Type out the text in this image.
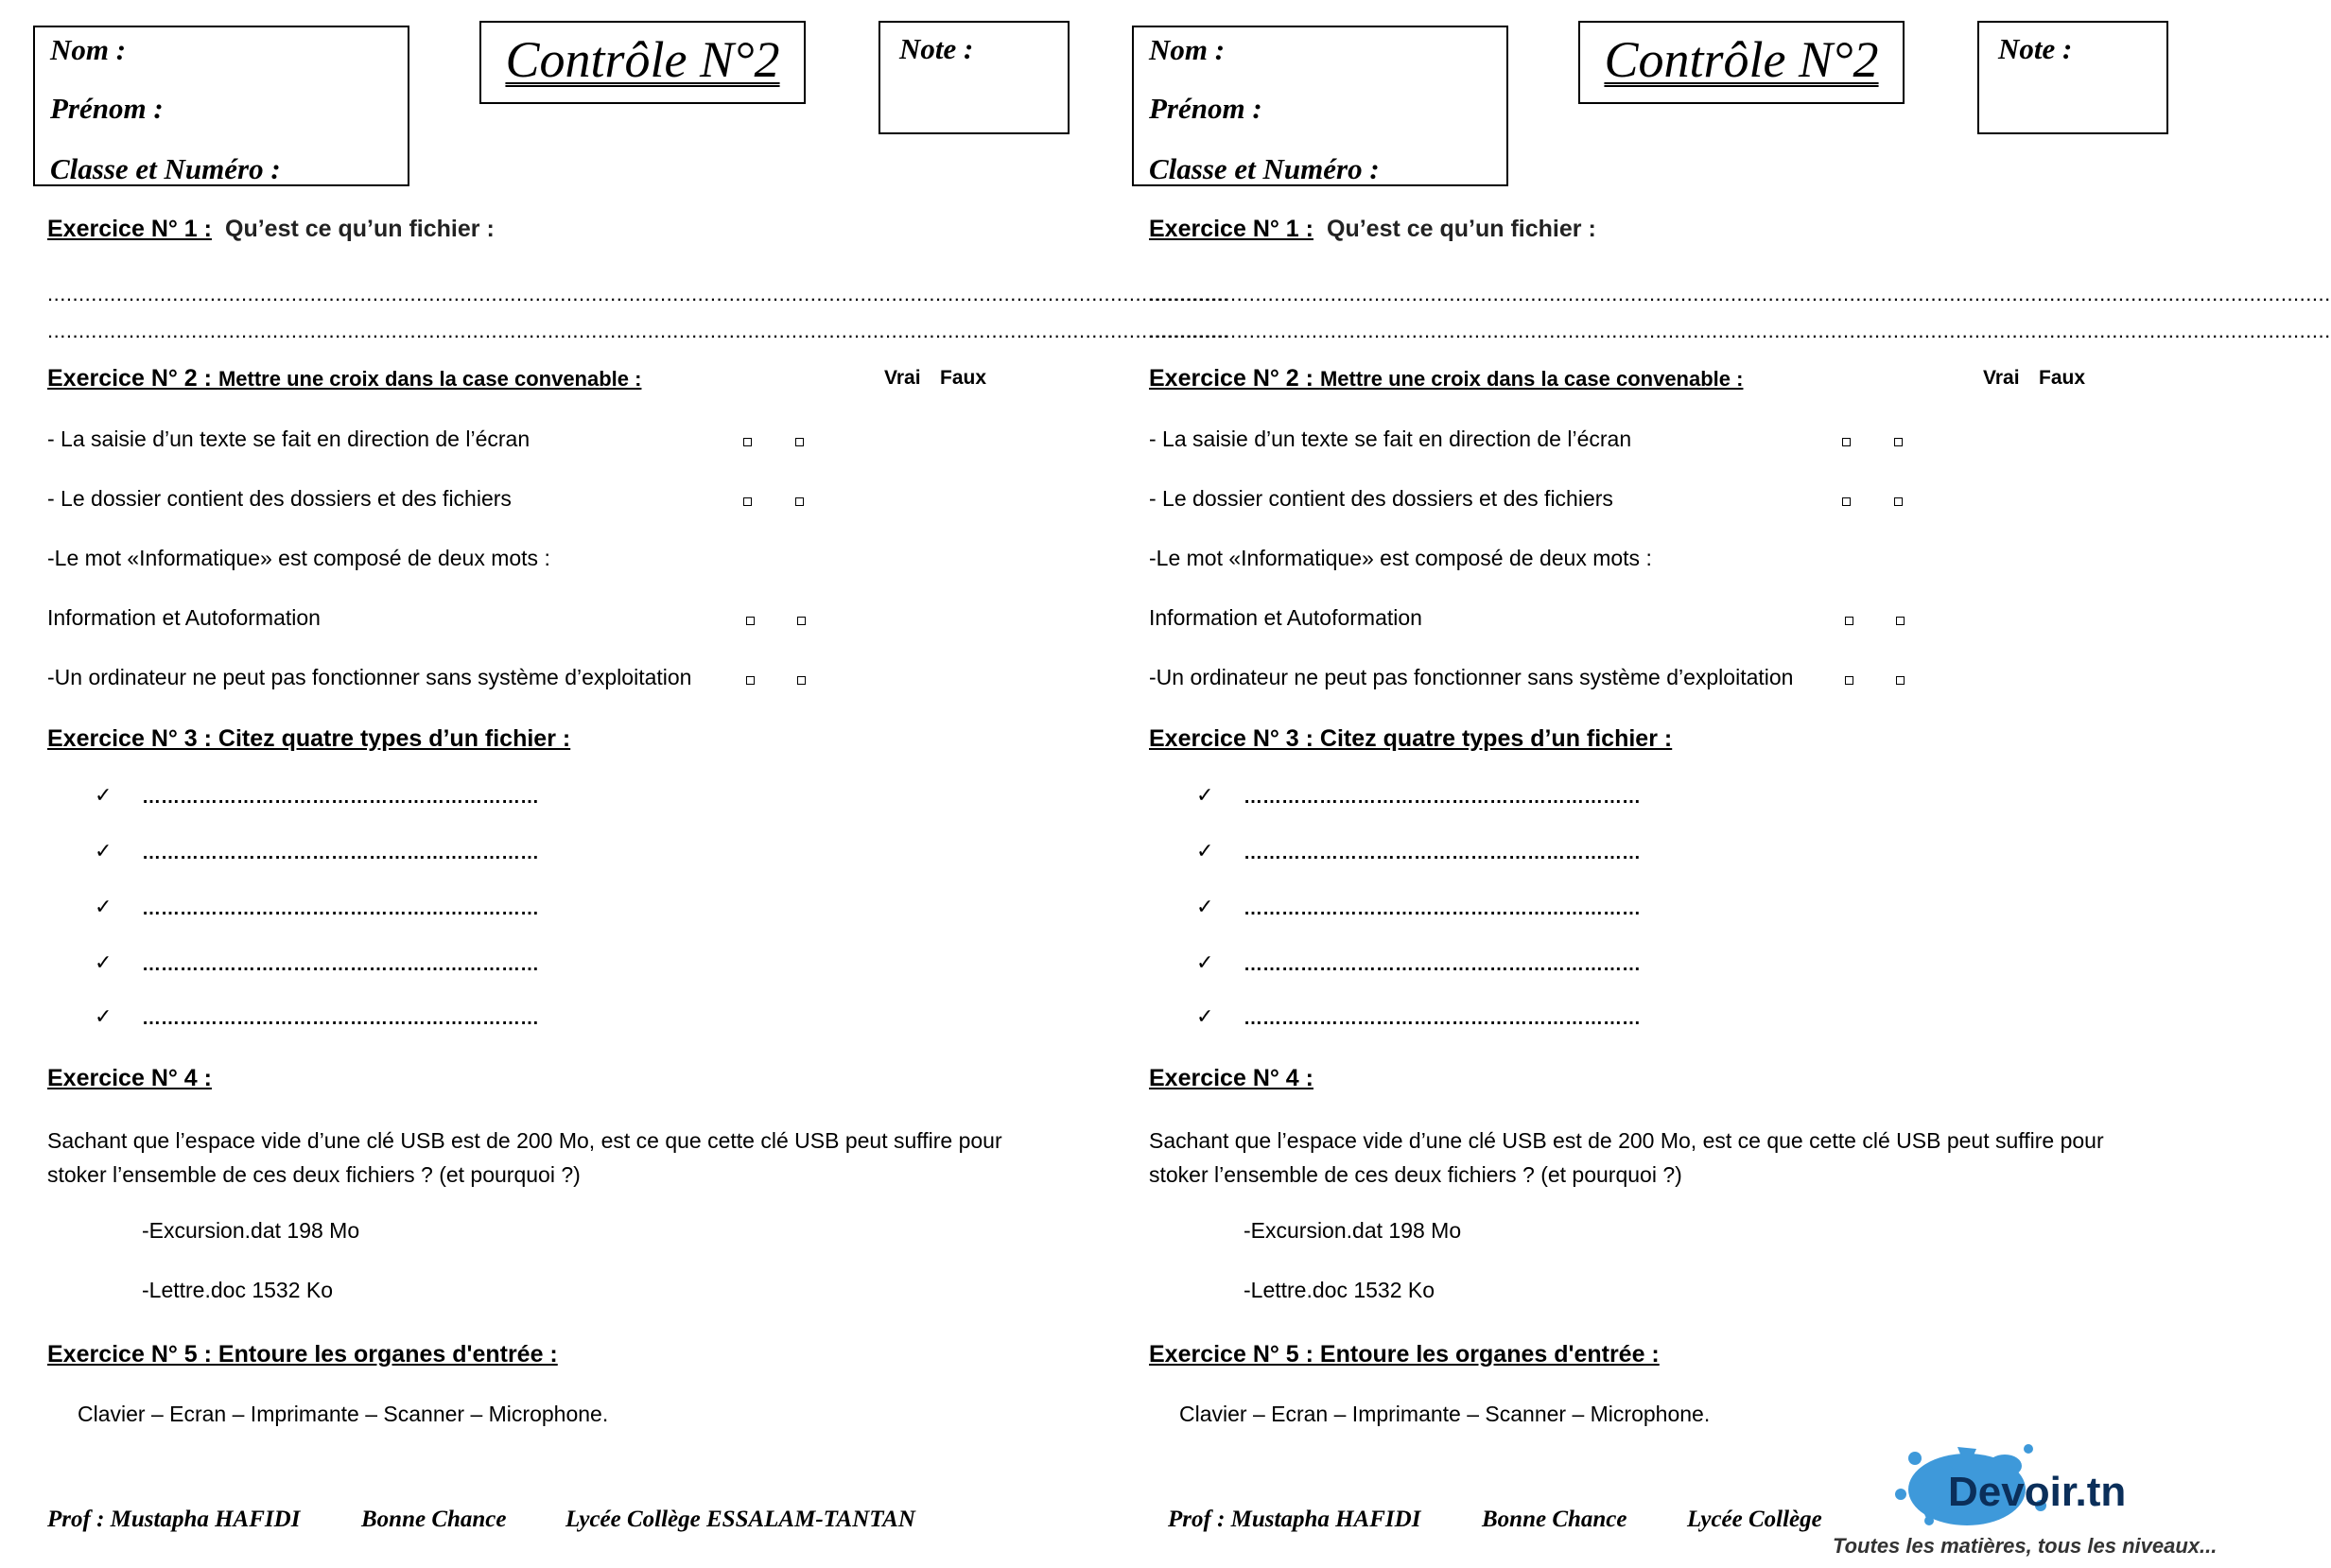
Nom :
Prénom :
Classe et Numéro :
Contrôle N°2	Note :
Exercice N° 1 : Qu’est ce qu’un fichier :
.............................................................................................................................................................................................
.............................................................................................................................................................................................
Exercice N° 2 : Mettre une croix dans la case convenable :	Vrai Faux
- La saisie d’un texte se fait en direction de l’écran
- Le dossier contient des dossiers et des fichiers
-Le mot «Informatique» est composé de deux mots :
Information et Autoformation
-Un ordinateur ne peut pas fonctionner sans système d’exploitation
Exercice N° 3 : Citez quatre types d’un fichier :
✓ ………………………………………………………
✓ ………………………………………………………
✓ ………………………………………………………
✓ ………………………………………………………
✓ ………………………………………………………
Exercice N° 4 :
Sachant que l’espace vide d’une clé USB est de 200 Mo, est ce que cette clé USB peut suffire pour stoker l’ensemble de ces deux fichiers ? (et pourquoi ?)
-Excursion.dat 198 Mo
-Lettre.doc 1532 Ko
Exercice N° 5 : Entoure les organes d'entrée :
Clavier – Ecran – Imprimante – Scanner – Microphone.
Prof : Mustapha HAFIDI	Bonne Chance Lycée Collège ESSALAM-TANTAN
Nom :
Prénom :
Classe et Numéro :
Contrôle N°2	Note :
Exercice N° 1 : Qu’est ce qu’un fichier :
.............................................................................................................................................................................................
.............................................................................................................................................................................................
Exercice N° 2 : Mettre une croix dans la case convenable :	Vrai Faux
- La saisie d’un texte se fait en direction de l’écran
- Le dossier contient des dossiers et des fichiers
-Le mot «Informatique» est composé de deux mots :
Information et Autoformation
-Un ordinateur ne peut pas fonctionner sans système d’exploitation
Exercice N° 3 : Citez quatre types d’un fichier :
✓ ………………………………………………………
✓ ………………………………………………………
✓ ………………………………………………………
✓ ………………………………………………………
✓ ………………………………………………………
Exercice N° 4 :
Sachant que l’espace vide d’une clé USB est de 200 Mo, est ce que cette clé USB peut suffire pour stoker l’ensemble de ces deux fichiers ? (et pourquoi ?)
-Excursion.dat 198 Mo
-Lettre.doc 1532 Ko
Exercice N° 5 : Entoure les organes d'entrée :
Clavier – Ecran – Imprimante – Scanner – Microphone.
Prof : Mustapha HAFIDI	Bonne Chance	Lycée Collège
Devoir.tn
Toutes les matières, tous les niveaux...
